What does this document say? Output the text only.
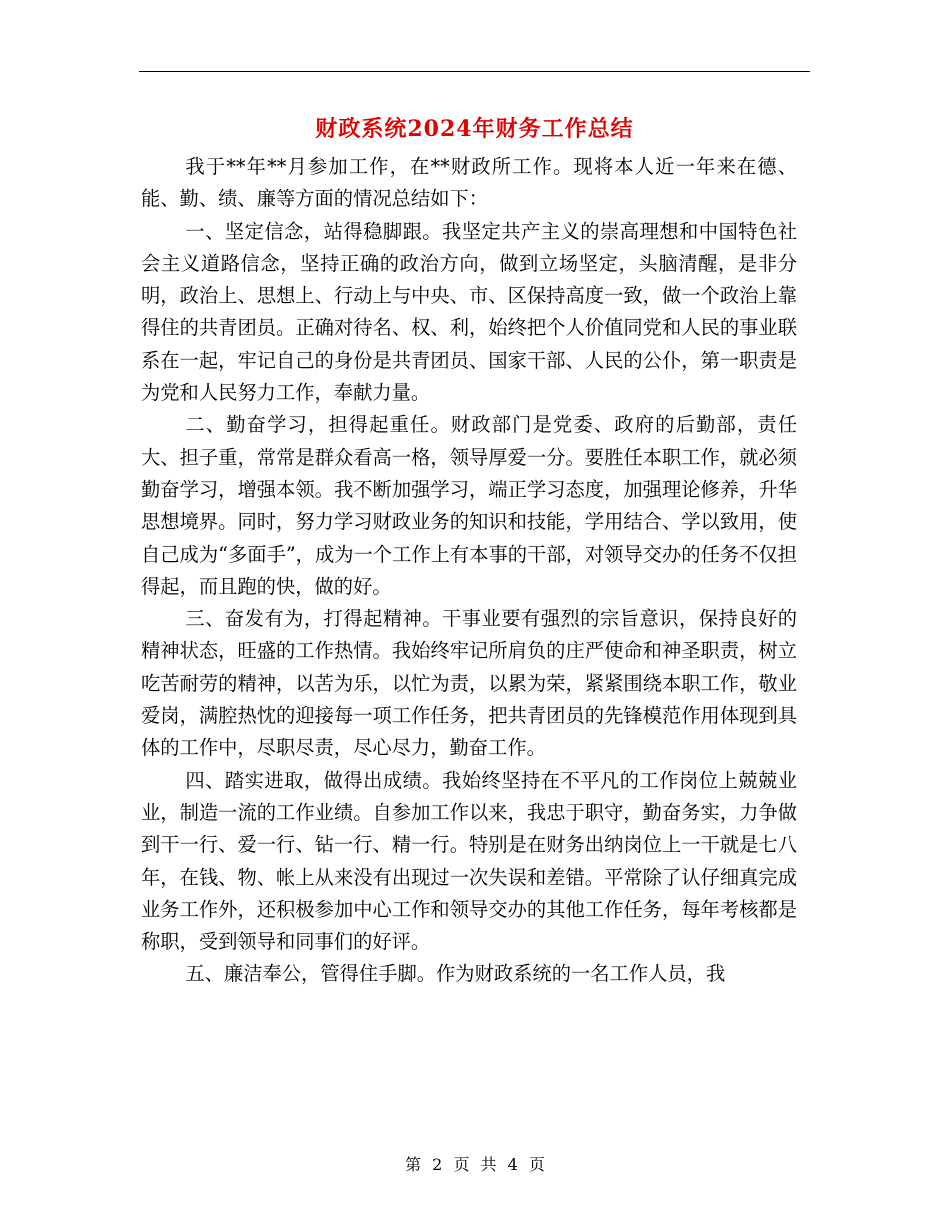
财政系统2024年财务工作总结

我于**年**月参加工作，在**财政所工作。现将本人近一年来在德、能、勤、绩、廉等方面的情况总结如下：

一、坚定信念，站得稳脚跟。我坚定共产主义的崇高理想和中国特色社会主义道路信念，坚持正确的政治方向，做到立场坚定，头脑清醒，是非分明，政治上、思想上、行动上与中央、市、区保持高度一致，做一个政治上靠得住的共青团员。正确对待名、权、利，始终把个人价值同党和人民的事业联系在一起，牢记自己的身份是共青团员、国家干部、人民的公仆，第一职责是为党和人民努力工作，奉献力量。

二、勤奋学习，担得起重任。财政部门是党委、政府的后勤部，责任大、担子重，常常是群众看高一格，领导厚爱一分。要胜任本职工作，就必须勤奋学习，增强本领。我不断加强学习，端正学习态度，加强理论修养，升华思想境界。同时，努力学习财政业务的知识和技能，学用结合、学以致用，使自己成为“多面手”，成为一个工作上有本事的干部，对领导交办的任务不仅担得起，而且跑的快，做的好。

三、奋发有为，打得起精神。干事业要有强烈的宗旨意识，保持良好的精神状态，旺盛的工作热情。我始终牢记所肩负的庄严使命和神圣职责，树立吃苦耐劳的精神，以苦为乐，以忙为责，以累为荣，紧紧围绕本职工作，敬业爱岗，满腔热忱的迎接每一项工作任务，把共青团员的先锋模范作用体现到具体的工作中，尽职尽责，尽心尽力，勤奋工作。

四、踏实进取，做得出成绩。我始终坚持在不平凡的工作岗位上兢兢业业，制造一流的工作业绩。自参加工作以来，我忠于职守，勤奋务实，力争做到干一行、爱一行、钻一行、精一行。特别是在财务出纳岗位上一干就是七八年，在钱、物、帐上从来没有出现过一次失误和差错。平常除了认仔细真完成业务工作外，还积极参加中心工作和领导交办的其他工作任务，每年考核都是称职，受到领导和同事们的好评。

五、廉洁奉公，管得住手脚。作为财政系统的一名工作人员，我

第 2 页 共 4 页
